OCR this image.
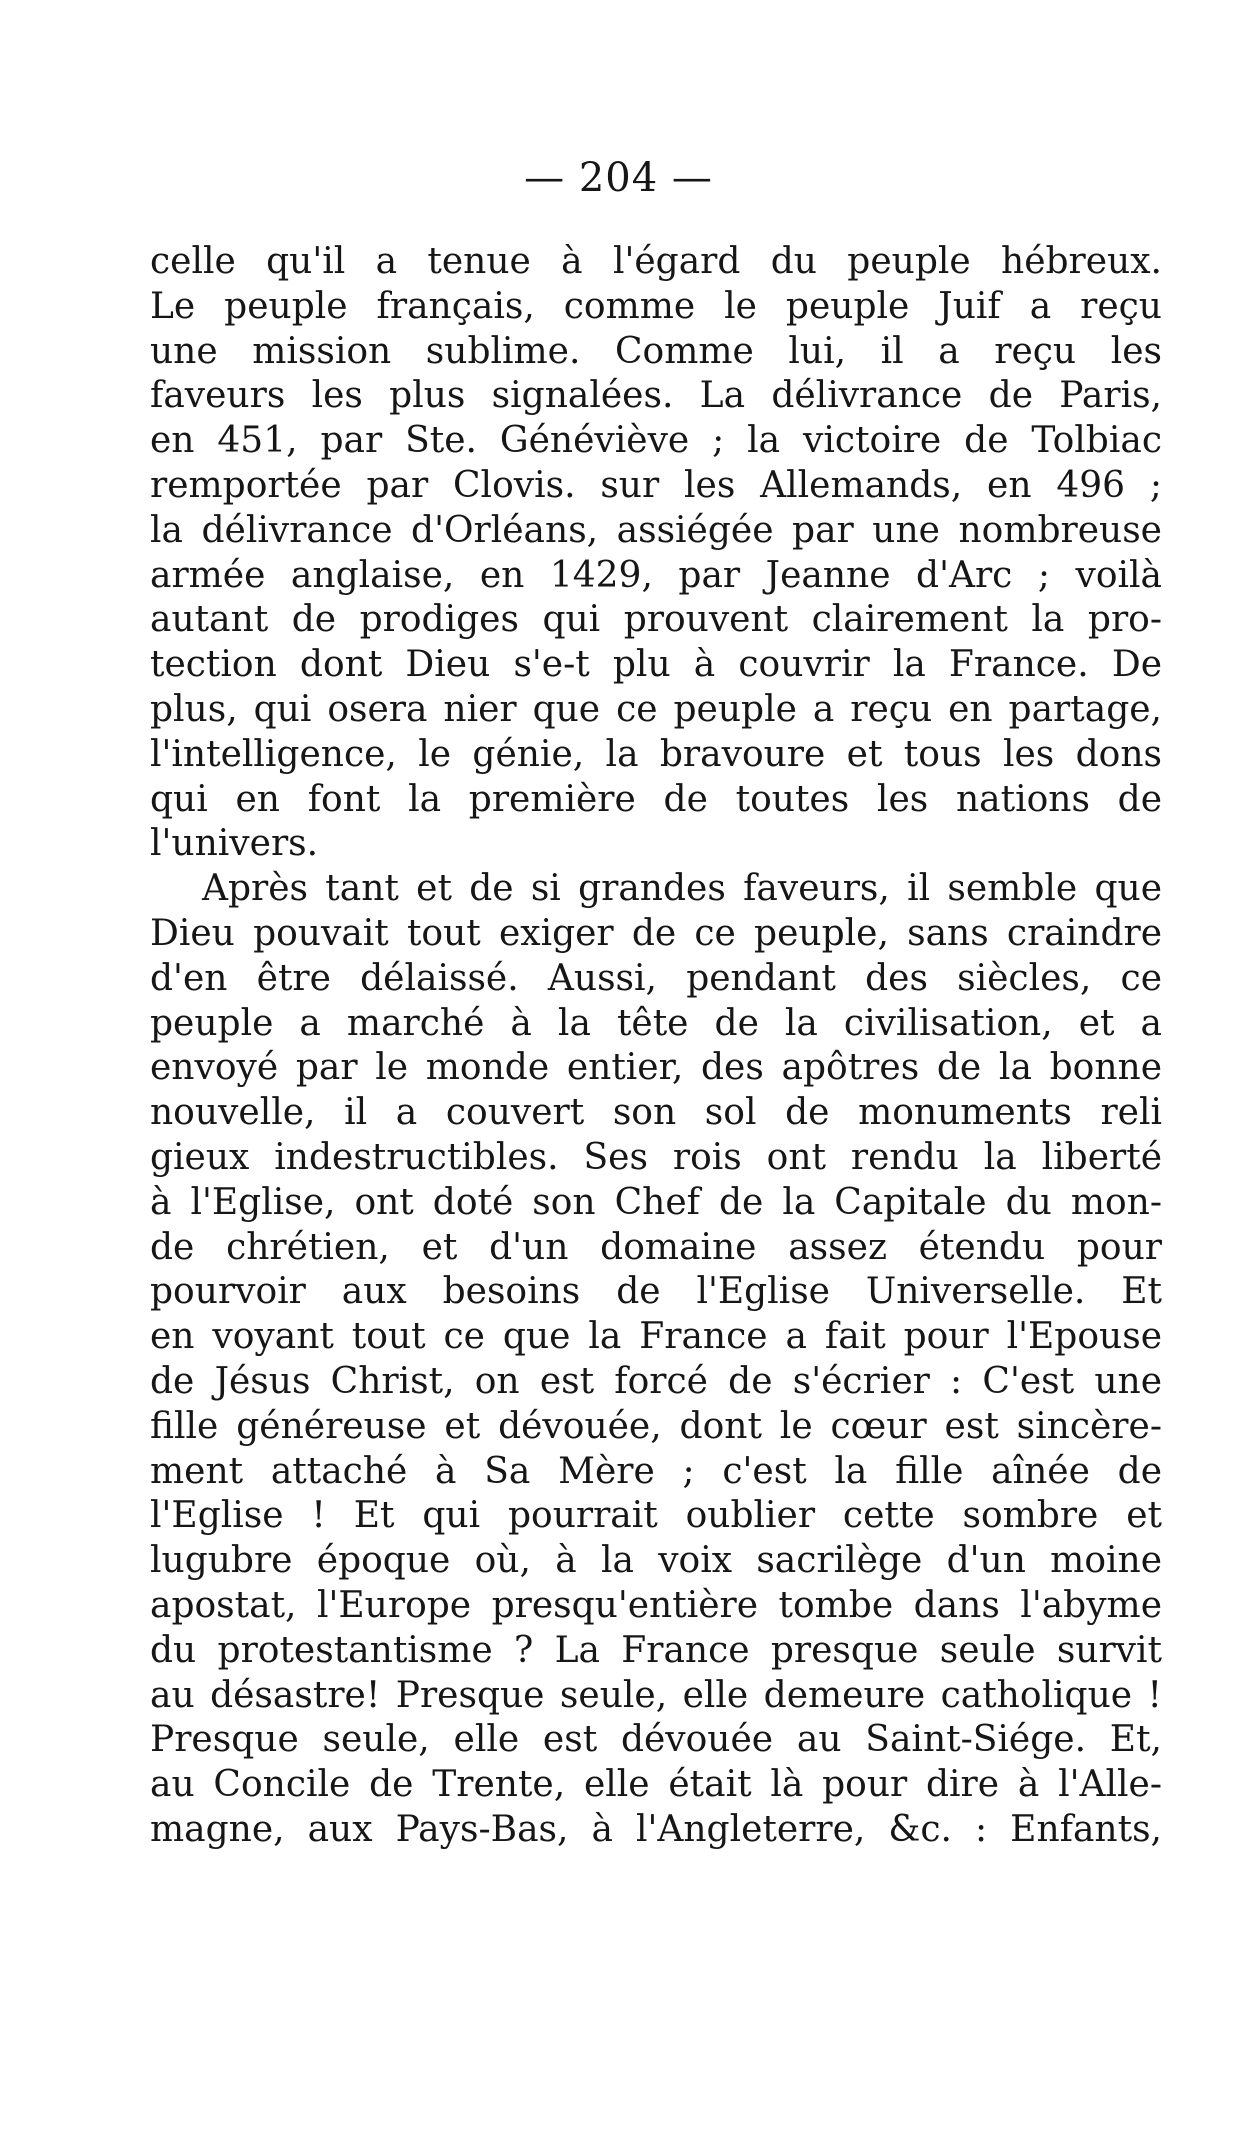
— 204 —
celle qu'il a tenue à l'égard du peuple hébreux.
Le peuple français, comme le peuple Juif a reçu
une mission sublime. Comme lui, il a reçu les
faveurs les plus signalées. La délivrance de Paris,
en 451, par Ste. Généviève ; la victoire de Tolbiac
remportée par Clovis. sur les Allemands, en 496 ;
la délivrance d'Orléans, assiégée par une nombreuse
armée anglaise, en 1429, par Jeanne d'Arc ; voilà
autant de prodiges qui prouvent clairement la pro-
tection dont Dieu s'e-t plu à couvrir la France. De
plus, qui osera nier que ce peuple a reçu en partage,
l'intelligence, le génie, la bravoure et tous les dons
qui en font la première de toutes les nations de
l'univers.
Après tant et de si grandes faveurs, il semble que
Dieu pouvait tout exiger de ce peuple, sans craindre
d'en être délaissé. Aussi, pendant des siècles, ce
peuple a marché à la tête de la civilisation, et a
envoyé par le monde entier, des apôtres de la bonne
nouvelle, il a couvert son sol de monuments reli
gieux indestructibles. Ses rois ont rendu la liberté
à l'Eglise, ont doté son Chef de la Capitale du mon-
de chrétien, et d'un domaine assez étendu pour
pourvoir aux besoins de l'Eglise Universelle. Et
en voyant tout ce que la France a fait pour l'Epouse
de Jésus Christ, on est forcé de s'écrier : C'est une
fille généreuse et dévouée, dont le cœur est sincère-
ment attaché à Sa Mère ; c'est la fille aînée de
l'Eglise ! Et qui pourrait oublier cette sombre et
lugubre époque où, à la voix sacrilège d'un moine
apostat, l'Europe presqu'entière tombe dans l'abyme
du protestantisme ? La France presque seule survit
au désastre! Presque seule, elle demeure catholique !
Presque seule, elle est dévouée au Saint-Siége. Et,
au Concile de Trente, elle était là pour dire à l'Alle-
magne, aux Pays-Bas, à l'Angleterre, &c. : Enfants,
